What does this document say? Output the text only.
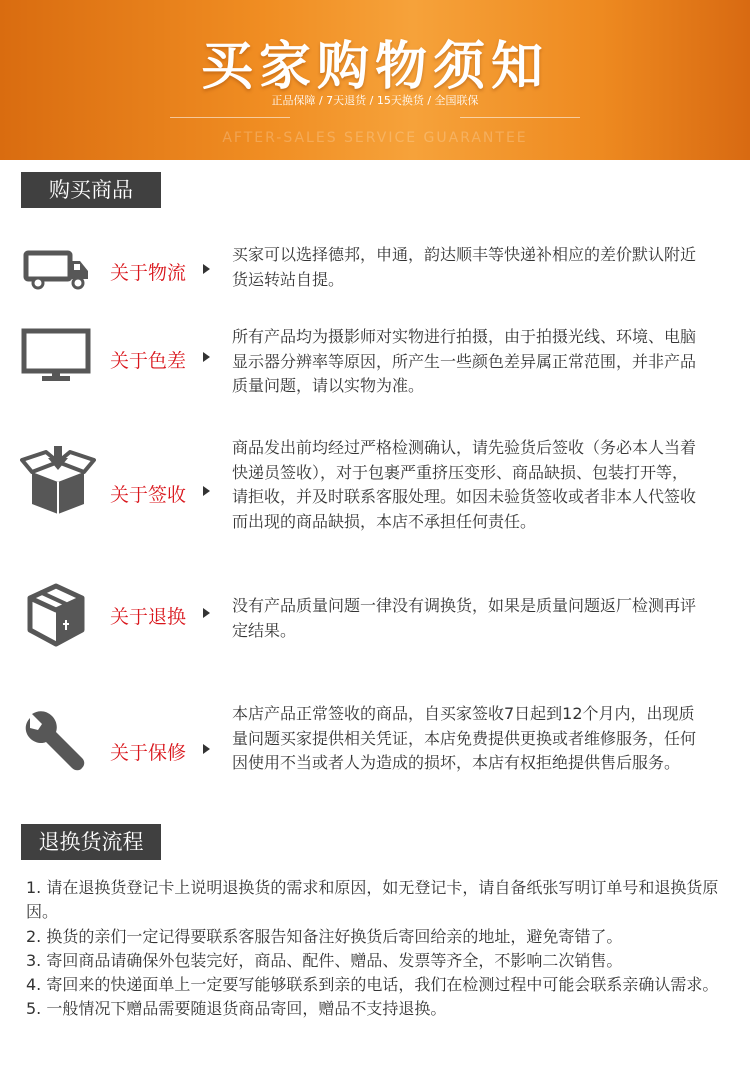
买家购物须知
正品保障 / 7天退货 / 15天换货 / 全国联保
AFTER-SALES SERVICE GUARANTEE
购买商品
关于物流
买家可以选择德邦，申通，韵达顺丰等快递补相应的差价默认附近货运转站自提。
关于色差
所有产品均为摄影师对实物进行拍摄，由于拍摄光线、环境、电脑显示器分辨率等原因，所产生一些颜色差异属正常范围，并非产品质量问题，请以实物为准。
关于签收
商品发出前均经过严格检测确认，请先验货后签收（务必本人当着快递员签收），对于包裹严重挤压变形、商品缺损、包装打开等，请拒收，并及时联系客服处理。如因未验货签收或者非本人代签收而出现的商品缺损，本店不承担任何责任。
关于退换
没有产品质量问题一律没有调换货，如果是质量问题返厂检测再评定结果。
关于保修
本店产品正常签收的商品，自买家签收7日起到12个月内，出现质量问题买家提供相关凭证，本店免费提供更换或者维修服务，任何因使用不当或者人为造成的损坏，本店有权拒绝提供售后服务。
退换货流程
1. 请在退换货登记卡上说明退换货的需求和原因，如无登记卡，请自备纸张写明订单号和退换货原因。
2. 换货的亲们一定记得要联系客服告知备注好换货后寄回给亲的地址，避免寄错了。
3. 寄回商品请确保外包装完好，商品、配件、赠品、发票等齐全，不影响二次销售。
4. 寄回来的快递面单上一定要写能够联系到亲的电话，我们在检测过程中可能会联系亲确认需求。
5. 一般情况下赠品需要随退货商品寄回，赠品不支持退换。
